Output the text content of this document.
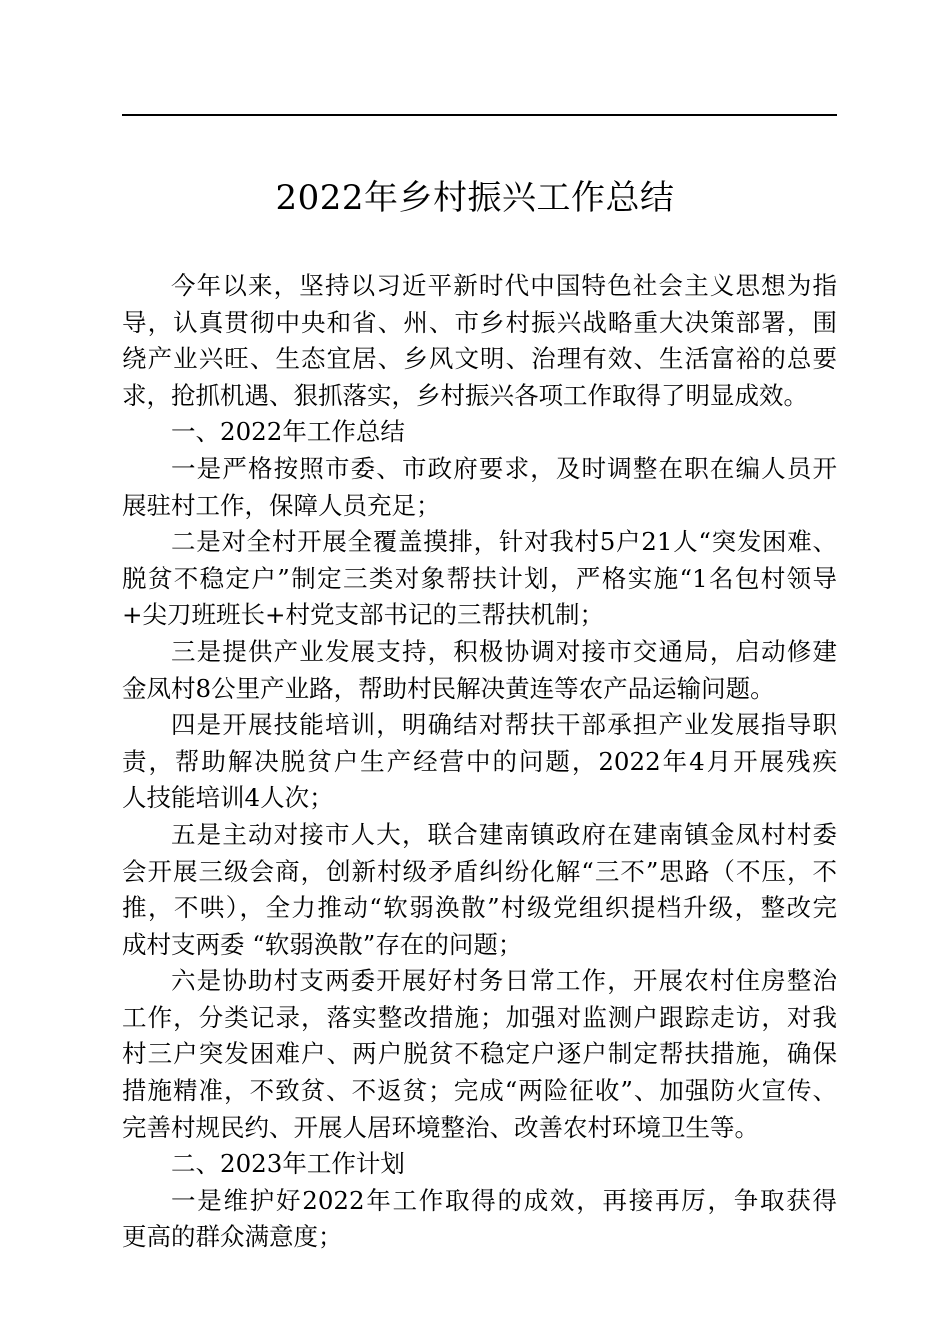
2022年乡村振兴工作总结
今年以来，坚持以习近平新时代中国特色社会主义思想为指
导，认真贯彻中央和省、州、市乡村振兴战略重大决策部署，围
绕产业兴旺、生态宜居、乡风文明、治理有效、生活富裕的总要
求，抢抓机遇、狠抓落实，乡村振兴各项工作取得了明显成效。
一、2022年工作总结
一是严格按照市委、市政府要求，及时调整在职在编人员开
展驻村工作，保障人员充足；
二是对全村开展全覆盖摸排，针对我村5户21人“突发困难、
脱贫不稳定户”制定三类对象帮扶计划，严格实施“1名包村领导
+尖刀班班长+村党支部书记的三帮扶机制；
三是提供产业发展支持，积极协调对接市交通局，启动修建
金凤村8公里产业路，帮助村民解决黄连等农产品运输问题。
四是开展技能培训，明确结对帮扶干部承担产业发展指导职
责，帮助解决脱贫户生产经营中的问题，2022年4月开展残疾
人技能培训4人次；
五是主动对接市人大，联合建南镇政府在建南镇金凤村村委
会开展三级会商，创新村级矛盾纠纷化解“三不”思路（不压，不
推，不哄），全力推动“软弱涣散”村级党组织提档升级，整改完
成村支两委 “软弱涣散”存在的问题；
六是协助村支两委开展好村务日常工作，开展农村住房整治
工作，分类记录，落实整改措施；加强对监测户跟踪走访，对我
村三户突发困难户、两户脱贫不稳定户逐户制定帮扶措施，确保
措施精准，不致贫、不返贫；完成“两险征收”、加强防火宣传、
完善村规民约、开展人居环境整治、改善农村环境卫生等。
二、2023年工作计划
一是维护好2022年工作取得的成效，再接再厉，争取获得
更高的群众满意度；
